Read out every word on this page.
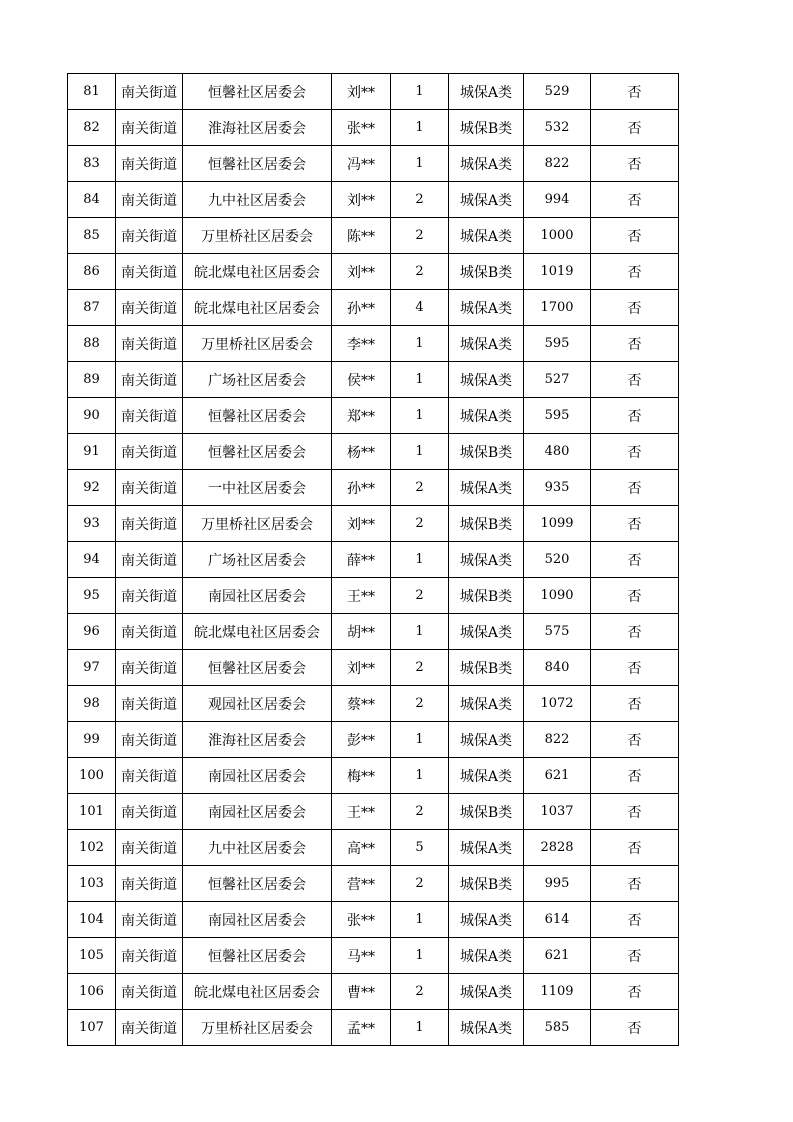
81	南关街道	恒馨社区居委会	刘**	1	城保A类	529	否
82	南关街道	淮海社区居委会	张**	1	城保B类	532	否
83	南关街道	恒馨社区居委会	冯**	1	城保A类	822	否
84	南关街道	九中社区居委会	刘**	2	城保A类	994	否
85	南关街道	万里桥社区居委会	陈**	2	城保A类	1000	否
86	南关街道	皖北煤电社区居委会	刘**	2	城保B类	1019	否
87	南关街道	皖北煤电社区居委会	孙**	4	城保A类	1700	否
88	南关街道	万里桥社区居委会	李**	1	城保A类	595	否
89	南关街道	广场社区居委会	侯**	1	城保A类	527	否
90	南关街道	恒馨社区居委会	郑**	1	城保A类	595	否
91	南关街道	恒馨社区居委会	杨**	1	城保B类	480	否
92	南关街道	一中社区居委会	孙**	2	城保A类	935	否
93	南关街道	万里桥社区居委会	刘**	2	城保B类	1099	否
94	南关街道	广场社区居委会	薛**	1	城保A类	520	否
95	南关街道	南园社区居委会	王**	2	城保B类	1090	否
96	南关街道	皖北煤电社区居委会	胡**	1	城保A类	575	否
97	南关街道	恒馨社区居委会	刘**	2	城保B类	840	否
98	南关街道	观园社区居委会	蔡**	2	城保A类	1072	否
99	南关街道	淮海社区居委会	彭**	1	城保A类	822	否
100	南关街道	南园社区居委会	梅**	1	城保A类	621	否
101	南关街道	南园社区居委会	王**	2	城保B类	1037	否
102	南关街道	九中社区居委会	高**	5	城保A类	2828	否
103	南关街道	恒馨社区居委会	营**	2	城保B类	995	否
104	南关街道	南园社区居委会	张**	1	城保A类	614	否
105	南关街道	恒馨社区居委会	马**	1	城保A类	621	否
106	南关街道	皖北煤电社区居委会	曹**	2	城保A类	1109	否
107	南关街道	万里桥社区居委会	孟**	1	城保A类	585	否
